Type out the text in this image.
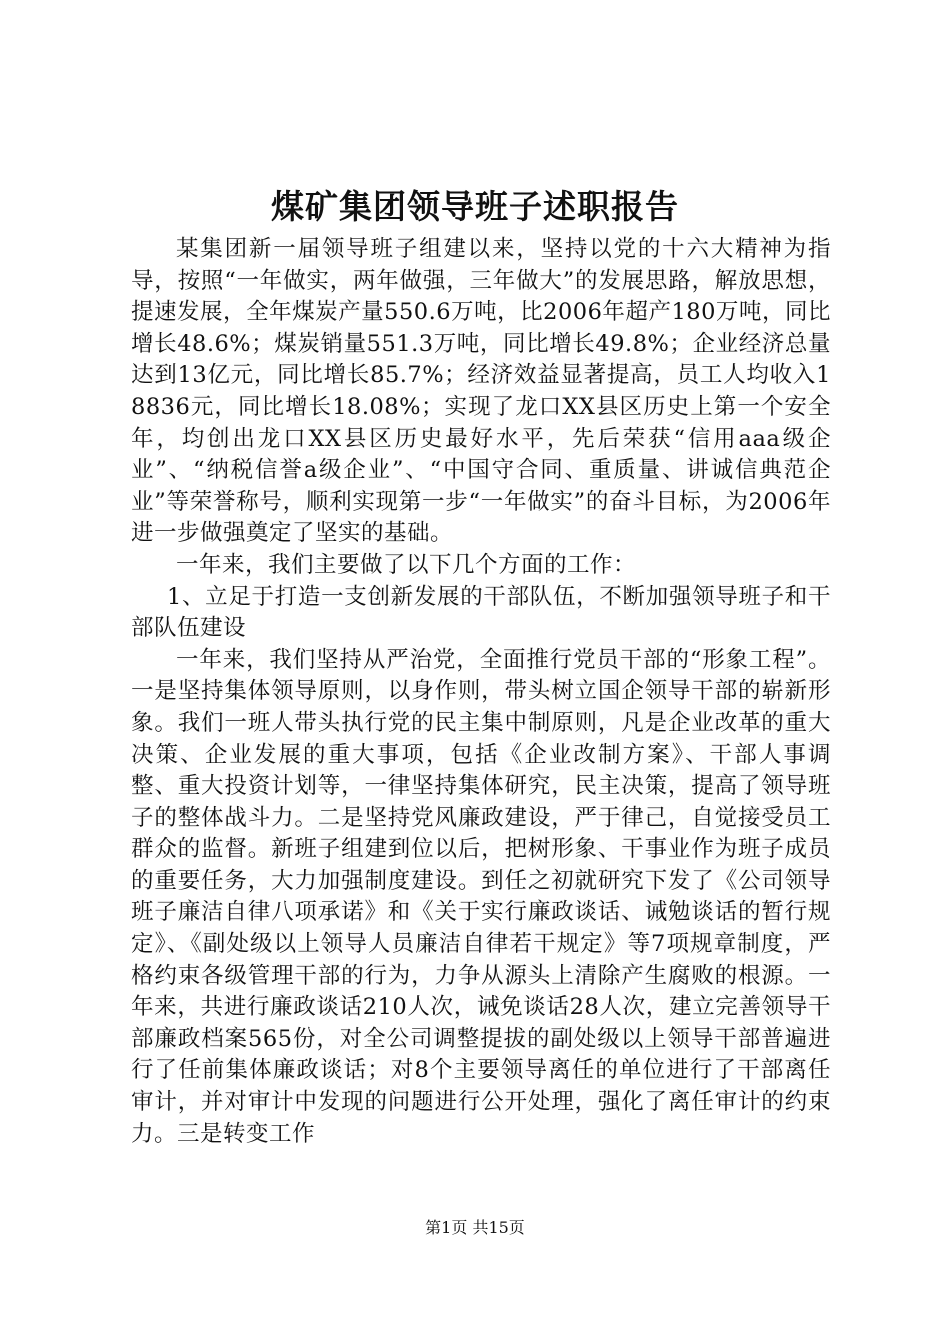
煤矿集团领导班子述职报告

某集团新一届领导班子组建以来，坚持以党的十六大精神为指导，按照“一年做实，两年做强，三年做大”的发展思路，解放思想，提速发展，全年煤炭产量550.6万吨，比2006年超产180万吨，同比增长48.6%；煤炭销量551.3万吨，同比增长49.8%；企业经济总量达到13亿元，同比增长85.7%；经济效益显著提高，员工人均收入18836元，同比增长18.08%；实现了龙口XX县区历史上第一个安全年，均创出龙口XX县区历史最好水平，先后荣获“信用aaa级企业”、“纳税信誉a级企业”、“中国守合同、重质量、讲诚信典范企业”等荣誉称号，顺利实现第一步“一年做实”的奋斗目标，为2006年进一步做强奠定了坚实的基础。

一年来，我们主要做了以下几个方面的工作：

1、立足于打造一支创新发展的干部队伍，不断加强领导班子和干部队伍建设

一年来，我们坚持从严治党，全面推行党员干部的“形象工程”。一是坚持集体领导原则，以身作则，带头树立国企领导干部的崭新形象。我们一班人带头执行党的民主集中制原则，凡是企业改革的重大决策、企业发展的重大事项，包括《企业改制方案》、干部人事调整、重大投资计划等，一律坚持集体研究，民主决策，提高了领导班子的整体战斗力。二是坚持党风廉政建设，严于律己，自觉接受员工群众的监督。新班子组建到位以后，把树形象、干事业作为班子成员的重要任务，大力加强制度建设。到任之初就研究下发了《公司领导班子廉洁自律八项承诺》和《关于实行廉政谈话、诫勉谈话的暂行规定》、《副处级以上领导人员廉洁自律若干规定》等7项规章制度，严格约束各级管理干部的行为，力争从源头上清除产生腐败的根源。一年来，共进行廉政谈话210人次，诫免谈话28人次，建立完善领导干部廉政档案565份，对全公司调整提拔的副处级以上领导干部普遍进行了任前集体廉政谈话；对8个主要领导离任的单位进行了干部离任审计，并对审计中发现的问题进行公开处理，强化了离任审计的约束力。三是转变工作

第1页 共15页
